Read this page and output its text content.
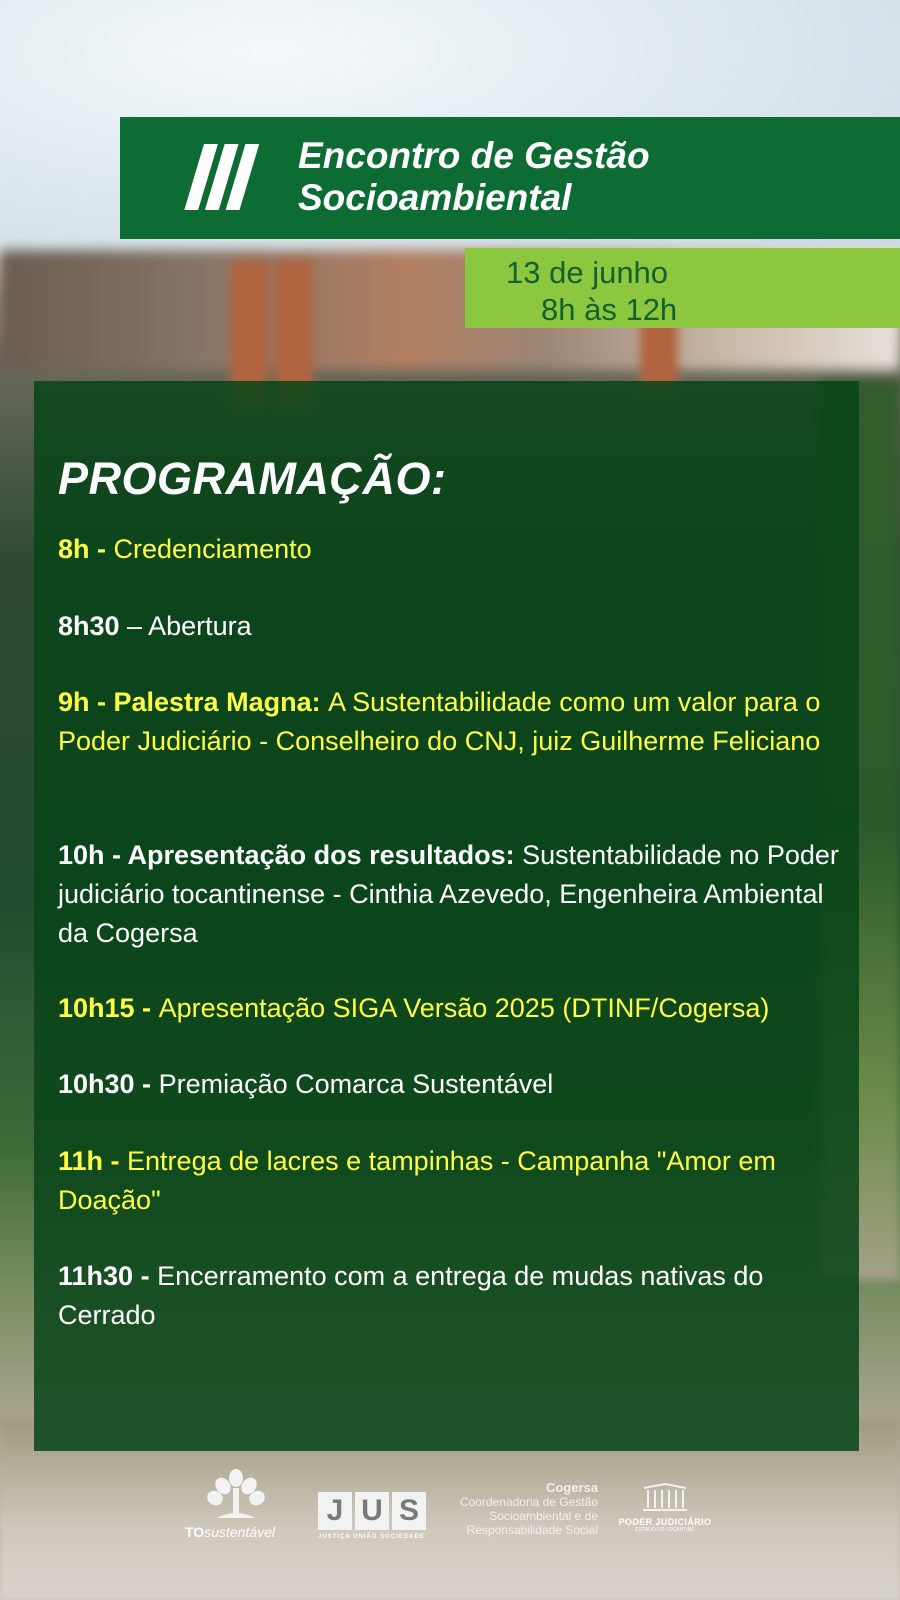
III Encontro de Gestão
Socioambiental
13 de junho
8h às 12h
PROGRAMAÇÃO:
8h - Credenciamento
8h30 – Abertura
9h - Palestra Magna: A Sustentabilidade como um valor para o Poder Judiciário - Conselheiro do CNJ, juiz Guilherme Feliciano
10h - Apresentação dos resultados: Sustentabilidade no Poder judiciário tocantinense - Cinthia Azevedo, Engenheira Ambiental da Cogersa
10h15 - Apresentação SIGA Versão 2025 (DTINF/Cogersa)
10h30 - Premiação Comarca Sustentável
11h - Entrega de lacres e tampinhas - Campanha "Amor em Doação"
11h30 - Encerramento com a entrega de mudas nativas do Cerrado
TOsustentável
J U S
JUSTIÇA UNIÃO SOCIEDADE
Cogersa
Coordenadoria de Gestão Socioambiental e de Responsabilidade Social
PODER JUDICIÁRIO
ESTADO DO TOCANTINS
